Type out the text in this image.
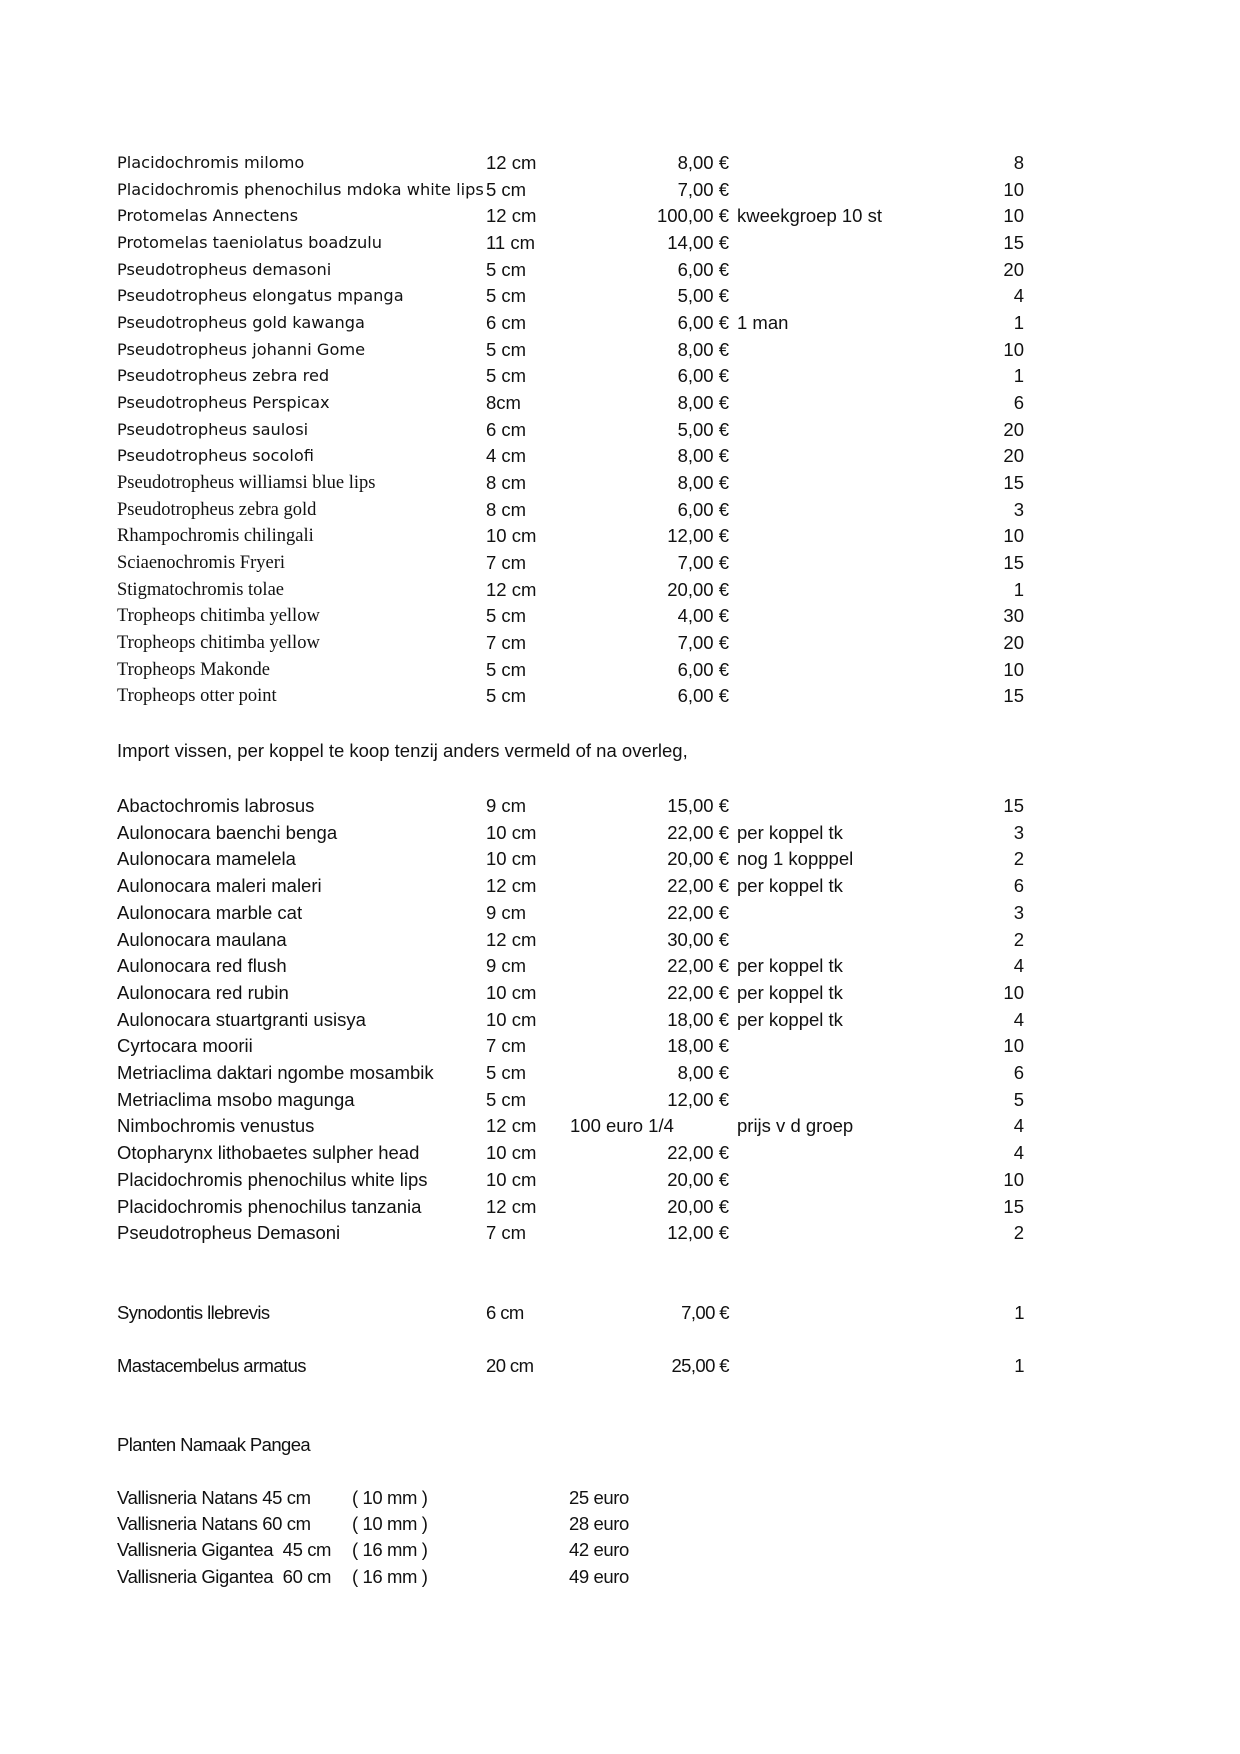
Placidochromis milomo	12 cm	8,00 €	8
Placidochromis phenochilus mdoka white lips 5 cm	7,00 €	10
Protomelas Annectens	12 cm	100,00 € kweekgroep 10 st	10
Protomelas taeniolatus boadzulu	11 cm	14,00 €	15
Pseudotropheus demasoni	5 cm	6,00 €	20
Pseudotropheus elongatus mpanga	5 cm	5,00 €	4
Pseudotropheus gold kawanga	6 cm	6,00 € 1 man	1
Pseudotropheus johanni Gome	5 cm	8,00 €	10
Pseudotropheus zebra red	5 cm	6,00 €	1
Pseudotropheus Perspicax	8cm	8,00 €	6
Pseudotropheus saulosi	6 cm	5,00 €	20
Pseudotropheus socolofi	4 cm	8,00 €	20
Pseudotropheus williamsi blue lips	8 cm	8,00 €	15
Pseudotropheus zebra gold	8 cm	6,00 €	3
Rhampochromis chilingali	10 cm	12,00 €	10
Sciaenochromis Fryeri	7 cm	7,00 €	15
Stigmatochromis tolae	12 cm	20,00 €	1
Tropheops chitimba yellow	5 cm	4,00 €	30
Tropheops chitimba yellow	7 cm	7,00 €	20
Tropheops Makonde	5 cm	6,00 €	10
Tropheops otter point	5 cm	6,00 €	15
Import vissen, per koppel te koop tenzij anders vermeld of na overleg,
Abactochromis labrosus	9 cm	15,00 €	15
Aulonocara baenchi benga	10 cm	22,00 € per koppel tk	3
Aulonocara mamelela	10 cm	20,00 € nog 1 kopppel	2
Aulonocara maleri maleri	12 cm	22,00 € per koppel tk	6
Aulonocara marble cat	9 cm	22,00 €	3
Aulonocara maulana	12 cm	30,00 €	2
Aulonocara red flush	9 cm	22,00 € per koppel tk	4
Aulonocara red rubin	10 cm	22,00 € per koppel tk	10
Aulonocara stuartgranti usisya	10 cm	18,00 € per koppel tk	4
Cyrtocara moorii	7 cm	18,00 €	10
Metriaclima daktari ngombe mosambik	5 cm	8,00 €	6
Metriaclima msobo magunga	5 cm	12,00 €	5
Nimbochromis venustus	12 cm 100 euro 1/4	prijs v d groep	4
Otopharynx lithobaetes sulpher head	10 cm	22,00 €	4
Placidochromis phenochilus white lips	10 cm	20,00 €	10
Placidochromis phenochilus tanzania	12 cm	20,00 €	15
Pseudotropheus Demasoni	7 cm	12,00 €	2
Synodontis llebrevis	6 cm	7,00 €	1
Mastacembelus armatus	20 cm	25,00 €	1
Planten Namaak Pangea
Vallisneria Natans 45 cm ( 10 mm )	25 euro
Vallisneria Natans 60 cm ( 10 mm )	28 euro
Vallisneria Gigantea  45 cm ( 16 mm )	42 euro
Vallisneria Gigantea  60 cm ( 16 mm )	49 euro
